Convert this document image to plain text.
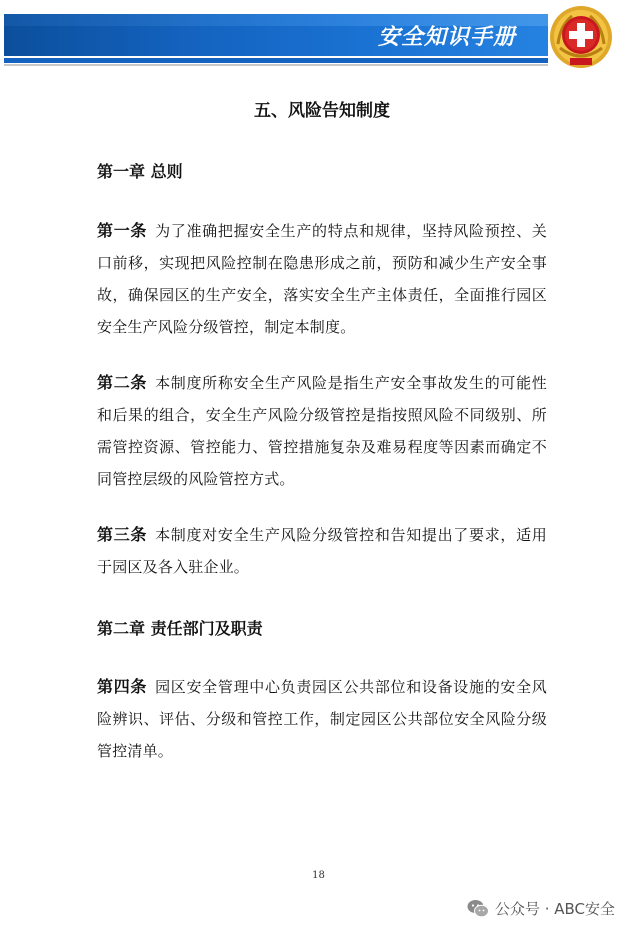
安全知识手册

五、风险告知制度

第一章 总则

第一条 为了准确把握安全生产的特点和规律，坚持风险预控、关口前移，实现把风险控制在隐患形成之前，预防和减少生产安全事故，确保园区的生产安全，落实安全生产主体责任，全面推行园区安全生产风险分级管控，制定本制度。

第二条 本制度所称安全生产风险是指生产安全事故发生的可能性和后果的组合，安全生产风险分级管控是指按照风险不同级别、所需管控资源、管控能力、管控措施复杂及难易程度等因素而确定不同管控层级的风险管控方式。

第三条 本制度对安全生产风险分级管控和告知提出了要求，适用于园区及各入驻企业。

第二章 责任部门及职责

第四条 园区安全管理中心负责园区公共部位和设备设施的安全风险辨识、评估、分级和管控工作，制定园区公共部位安全风险分级管控清单。

18
公众号 · ABC安全
